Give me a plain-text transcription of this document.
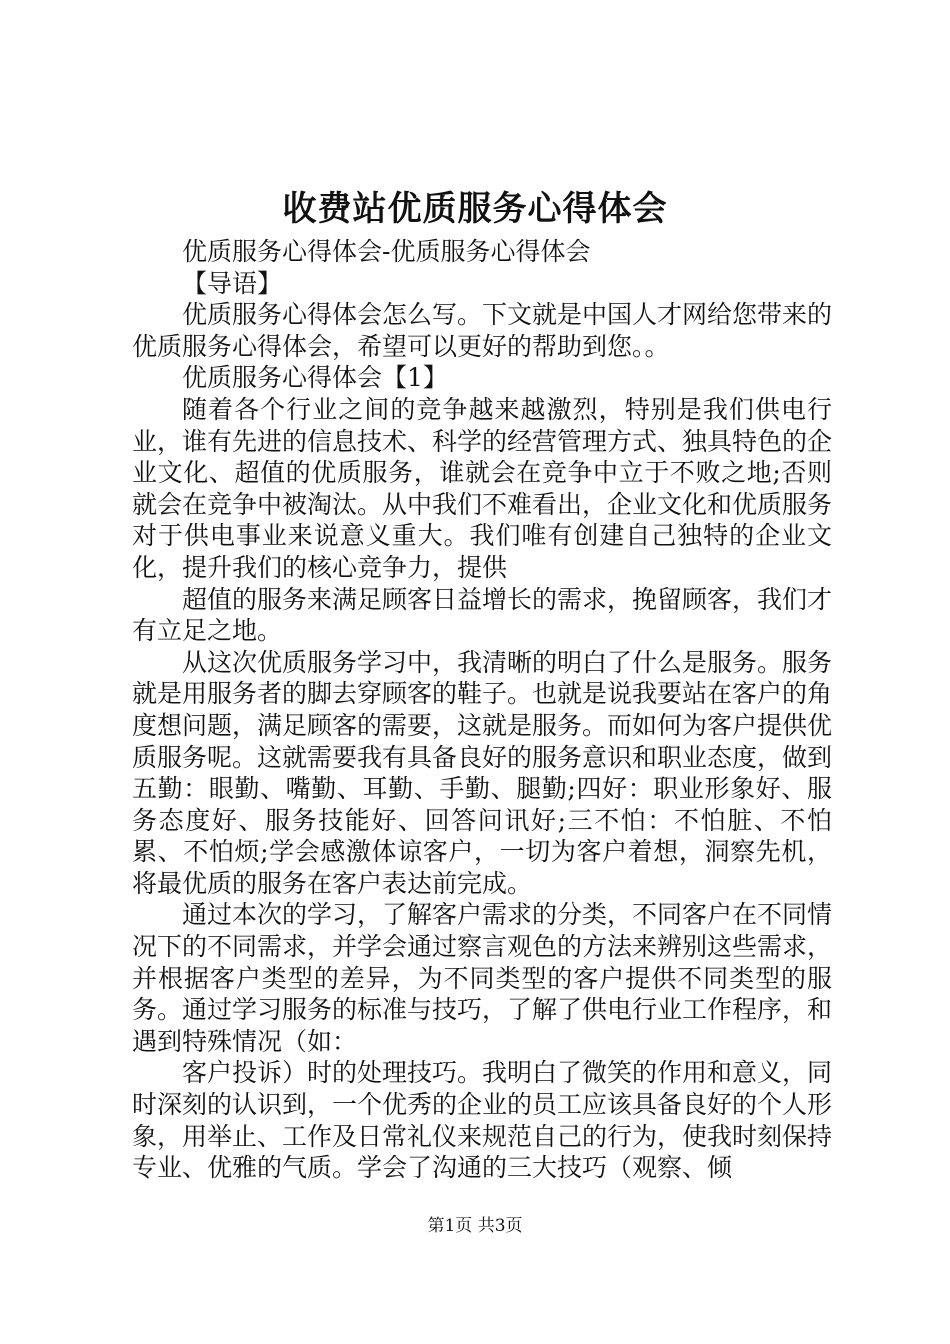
收费站优质服务心得体会

优质服务心得体会-优质服务心得体会

【导语】

优质服务心得体会怎么写。下文就是中国人才网给您带来的优质服务心得体会，希望可以更好的帮助到您。。

优质服务心得体会【1】

随着各个行业之间的竞争越来越激烈，特别是我们供电行业，谁有先进的信息技术、科学的经营管理方式、独具特色的企业文化、超值的优质服务，谁就会在竞争中立于不败之地;否则就会在竞争中被淘汰。从中我们不难看出，企业文化和优质服务对于供电事业来说意义重大。我们唯有创建自己独特的企业文化，提升我们的核心竞争力，提供

超值的服务来满足顾客日益增长的需求，挽留顾客，我们才有立足之地。

从这次优质服务学习中，我清晰的明白了什么是服务。服务就是用服务者的脚去穿顾客的鞋子。也就是说我要站在客户的角度想问题，满足顾客的需要，这就是服务。而如何为客户提供优质服务呢。这就需要我有具备良好的服务意识和职业态度，做到五勤：眼勤、嘴勤、耳勤、手勤、腿勤;四好：职业形象好、服务态度好、服务技能好、回答问讯好;三不怕：不怕脏、不怕累、不怕烦;学会感激体谅客户，一切为客户着想，洞察先机，将最优质的服务在客户表达前完成。

通过本次的学习，了解客户需求的分类，不同客户在不同情况下的不同需求，并学会通过察言观色的方法来辨别这些需求，并根据客户类型的差异，为不同类型的客户提供不同类型的服务。通过学习服务的标准与技巧，了解了供电行业工作程序，和遇到特殊情况（如：

客户投诉）时的处理技巧。我明白了微笑的作用和意义，同时深刻的认识到，一个优秀的企业的员工应该具备良好的个人形象，用举止、工作及日常礼仪来规范自己的行为，使我时刻保持专业、优雅的气质。学会了沟通的三大技巧（观察、倾

第1页 共3页
